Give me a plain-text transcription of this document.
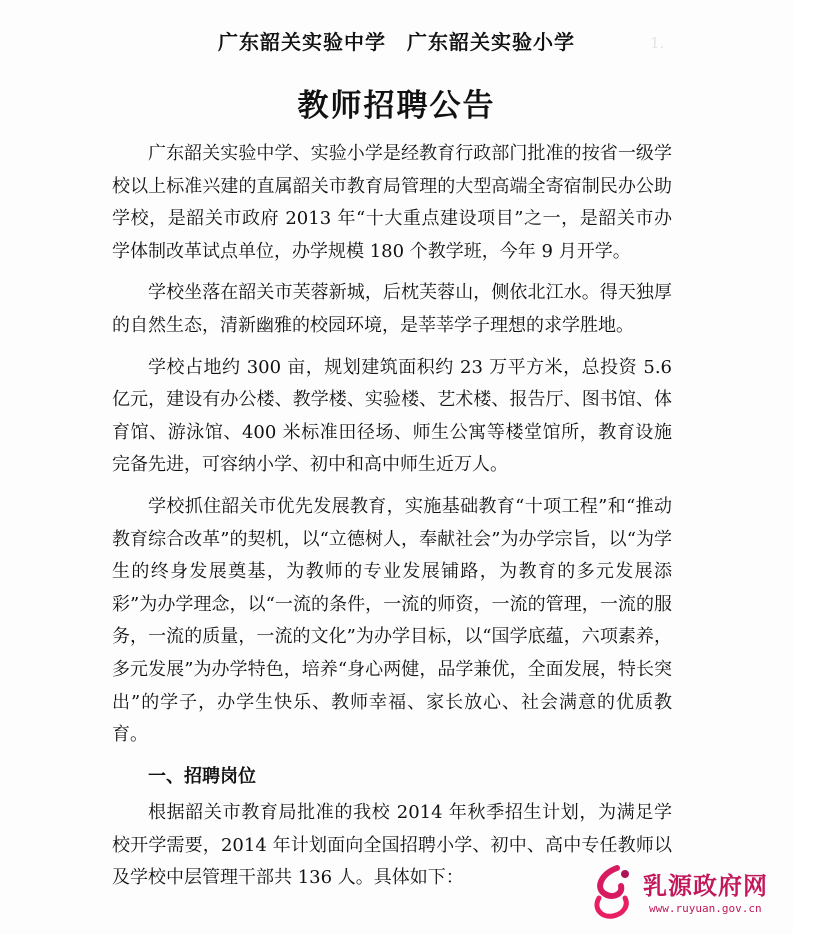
1.　　　　　　　　　　

广东韶关实验中学　广东韶关实验小学
教师招聘公告

广东韶关实验中学、实验小学是经教育行政部门批准的按省一级学校以上标准兴建的直属韶关市教育局管理的大型高端全寄宿制民办公助学校，是韶关市政府 2013 年“十大重点建设项目”之一，是韶关市办学体制改革试点单位，办学规模 180 个教学班，今年 9 月开学。

学校坐落在韶关市芙蓉新城，后枕芙蓉山，侧依北江水。得天独厚的自然生态，清新幽雅的校园环境，是莘莘学子理想的求学胜地。

学校占地约 300 亩，规划建筑面积约 23 万平方米，总投资 5.6 亿元，建设有办公楼、教学楼、实验楼、艺术楼、报告厅、图书馆、体育馆、游泳馆、400 米标准田径场、师生公寓等楼堂馆所，教育设施完备先进，可容纳小学、初中和高中师生近万人。

学校抓住韶关市优先发展教育，实施基础教育“十项工程”和“推动教育综合改革”的契机，以“立德树人，奉献社会”为办学宗旨，以“为学生的终身发展奠基，为教师的专业发展铺路，为教育的多元发展添彩”为办学理念，以“一流的条件，一流的师资，一流的管理，一流的服务，一流的质量，一流的文化”为办学目标，以“国学底蕴，六项素养，多元发展”为办学特色，培养“身心两健，品学兼优，全面发展，特长突出”的学子，办学生快乐、教师幸福、家长放心、社会满意的优质教育。

一、招聘岗位

根据韶关市教育局批准的我校 2014 年秋季招生计划，为满足学校开学需要，2014 年计划面向全国招聘小学、初中、高中专任教师以及学校中层管理干部共 136 人。具体如下：	乳源政府网
www.ruyuan.gov.cn
